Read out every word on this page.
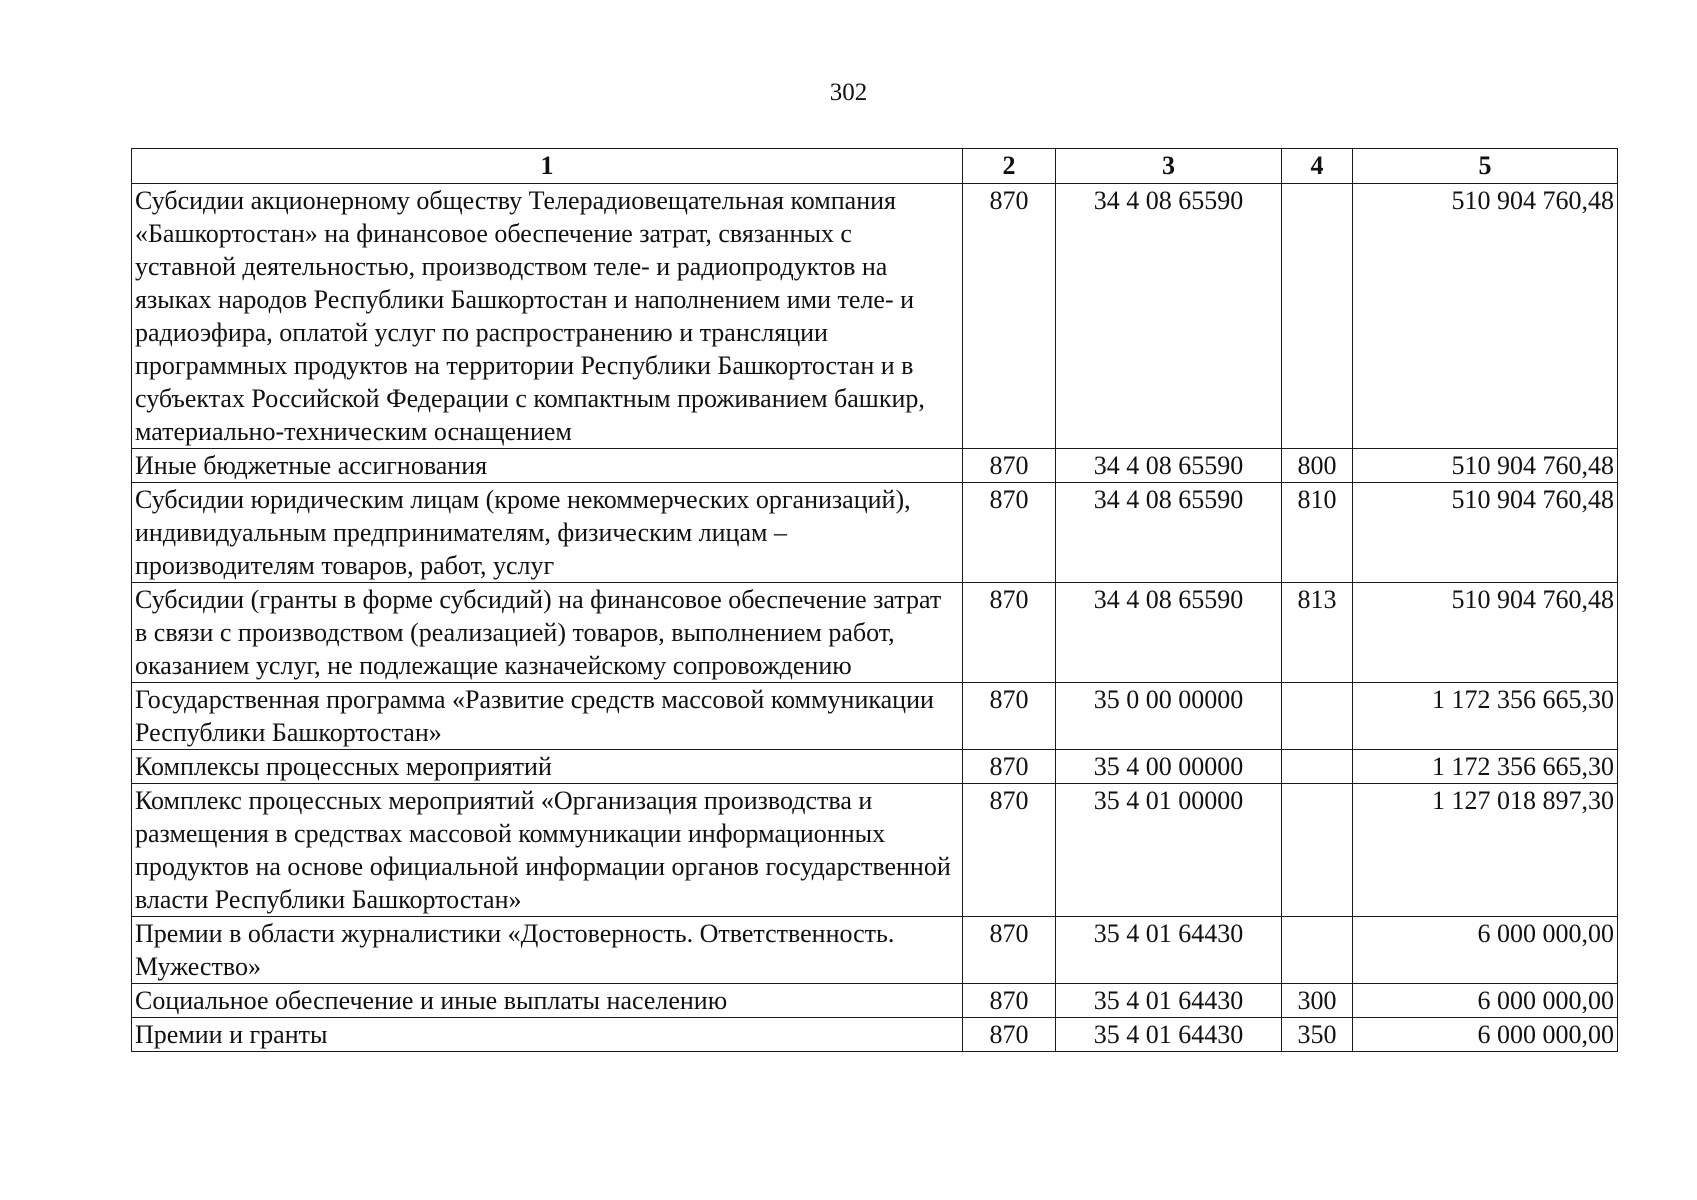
302
1	2	3	4	5
Субсидии акционерному обществу Телерадиовещательная компания «Башкортостан» на финансовое обеспечение затрат, связанных с уставной деятельностью, производством теле- и радиопродуктов на языках народов Республики Башкортостан и наполнением ими теле- и радиоэфира, оплатой услуг по распространению и трансляции программных продуктов на территории Республики Башкортостан и в субъектах Российской Федерации с компактным проживанием башкир, материально-техническим оснащением	870	34 4 08 65590		510 904 760,48
Иные бюджетные ассигнования	870	34 4 08 65590	800	510 904 760,48
Субсидии юридическим лицам (кроме некоммерческих организаций), индивидуальным предпринимателям, физическим лицам – производителям товаров, работ, услуг	870	34 4 08 65590	810	510 904 760,48
Субсидии (гранты в форме субсидий) на финансовое обеспечение затрат в связи с производством (реализацией) товаров, выполнением работ, оказанием услуг, не подлежащие казначейскому сопровождению	870	34 4 08 65590	813	510 904 760,48
Государственная программа «Развитие средств массовой коммуникации Республики Башкортостан»	870	35 0 00 00000		1 172 356 665,30
Комплексы процессных мероприятий	870	35 4 00 00000		1 172 356 665,30
Комплекс процессных мероприятий «Организация производства и размещения в средствах массовой коммуникации информационных продуктов на основе официальной информации органов государственной власти Республики Башкортостан»	870	35 4 01 00000		1 127 018 897,30
Премии в области журналистики «Достоверность. Ответственность. Мужество»	870	35 4 01 64430		6 000 000,00
Социальное обеспечение и иные выплаты населению	870	35 4 01 64430	300	6 000 000,00
Премии и гранты	870	35 4 01 64430	350	6 000 000,00
